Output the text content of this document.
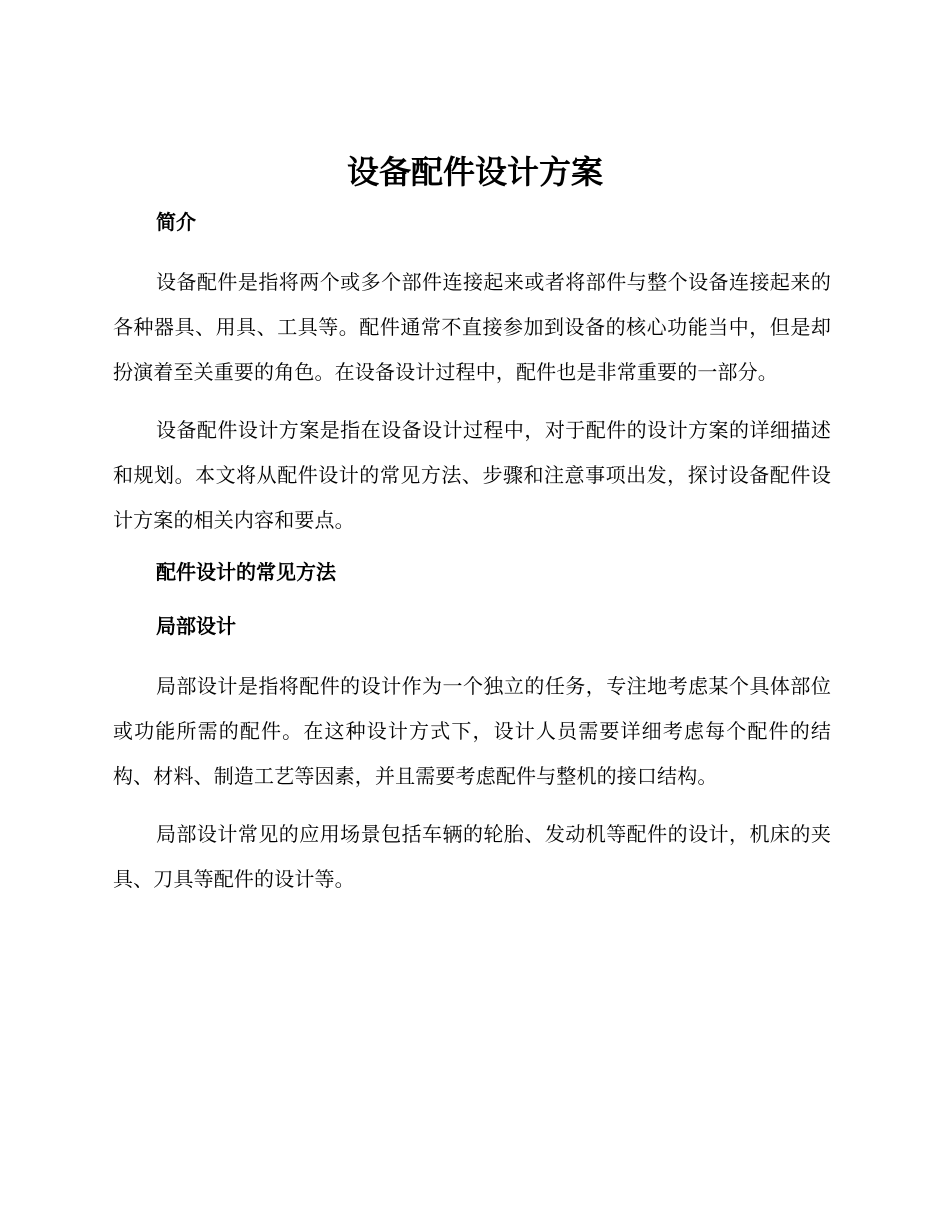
设备配件设计方案
简介

设备配件是指将两个或多个部件连接起来或者将部件与整个设备连接起来的各种器具、用具、工具等。配件通常不直接参加到设备的核心功能当中，但是却扮演着至关重要的角色。在设备设计过程中，配件也是非常重要的一部分。

设备配件设计方案是指在设备设计过程中，对于配件的设计方案的详细描述和规划。本文将从配件设计的常见方法、步骤和注意事项出发，探讨设备配件设计方案的相关内容和要点。

配件设计的常见方法
局部设计

局部设计是指将配件的设计作为一个独立的任务，专注地考虑某个具体部位或功能所需的配件。在这种设计方式下，设计人员需要详细考虑每个配件的结构、材料、制造工艺等因素，并且需要考虑配件与整机的接口结构。

局部设计常见的应用场景包括车辆的轮胎、发动机等配件的设计，机床的夹具、刀具等配件的设计等。
